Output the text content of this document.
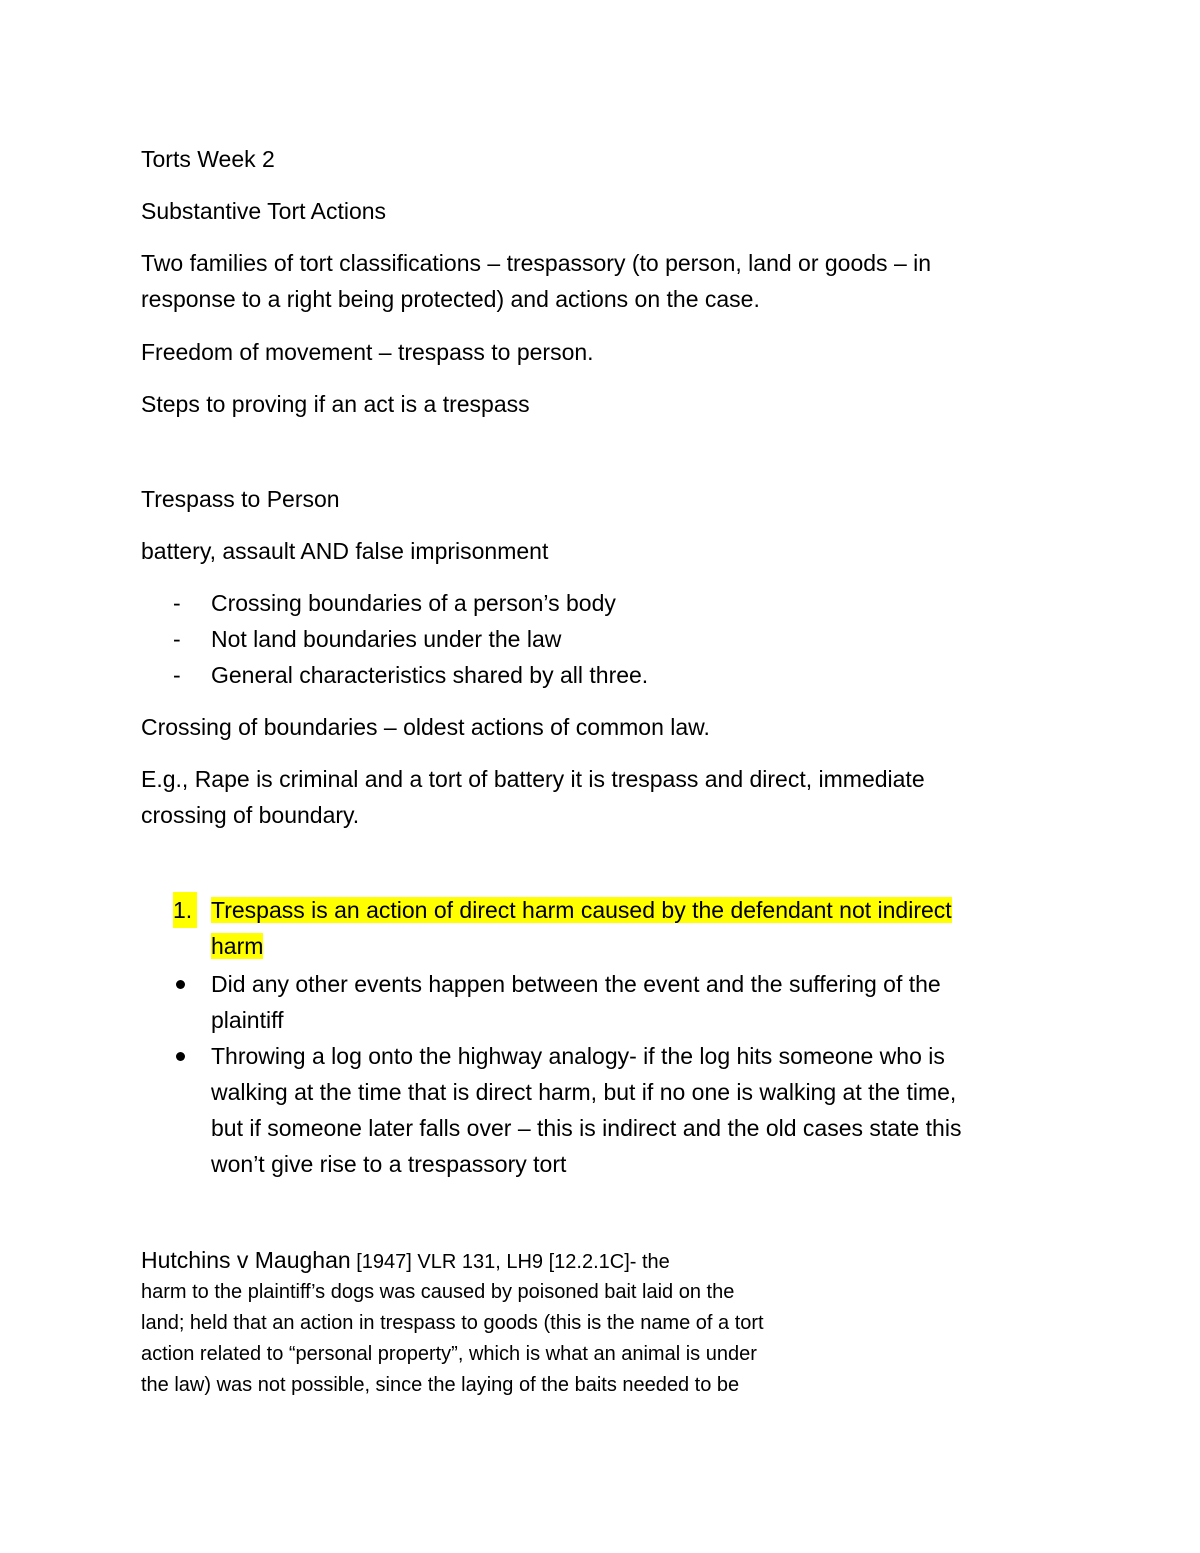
Torts Week 2
Substantive Tort Actions
Two families of tort classifications – trespassory (to person, land or goods – in
response to a right being protected) and actions on the case.
Freedom of movement – trespass to person.
Steps to proving if an act is a trespass
Trespass to Person
battery, assault AND false imprisonment
-	Crossing boundaries of a person’s body
-	Not land boundaries under the law
-	General characteristics shared by all three.
Crossing of boundaries – oldest actions of common law.
E.g., Rape is criminal and a tort of battery it is trespass and direct, immediate
crossing of boundary.
1. Trespass is an action of direct harm caused by the defendant not indirect
harm
Did any other events happen between the event and the suffering of the
plaintiff
Throwing a log onto the highway analogy- if the log hits someone who is
walking at the time that is direct harm, but if no one is walking at the time,
but if someone later falls over – this is indirect and the old cases state this
won’t give rise to a trespassory tort
Hutchins v Maughan [1947] VLR 131, LH9 [12.2.1C]- the
harm to the plaintiff’s dogs was caused by poisoned bait laid on the
land; held that an action in trespass to goods (this is the name of a tort
action related to “personal property”, which is what an animal is under
the law) was not possible, since the laying of the baits needed to be
